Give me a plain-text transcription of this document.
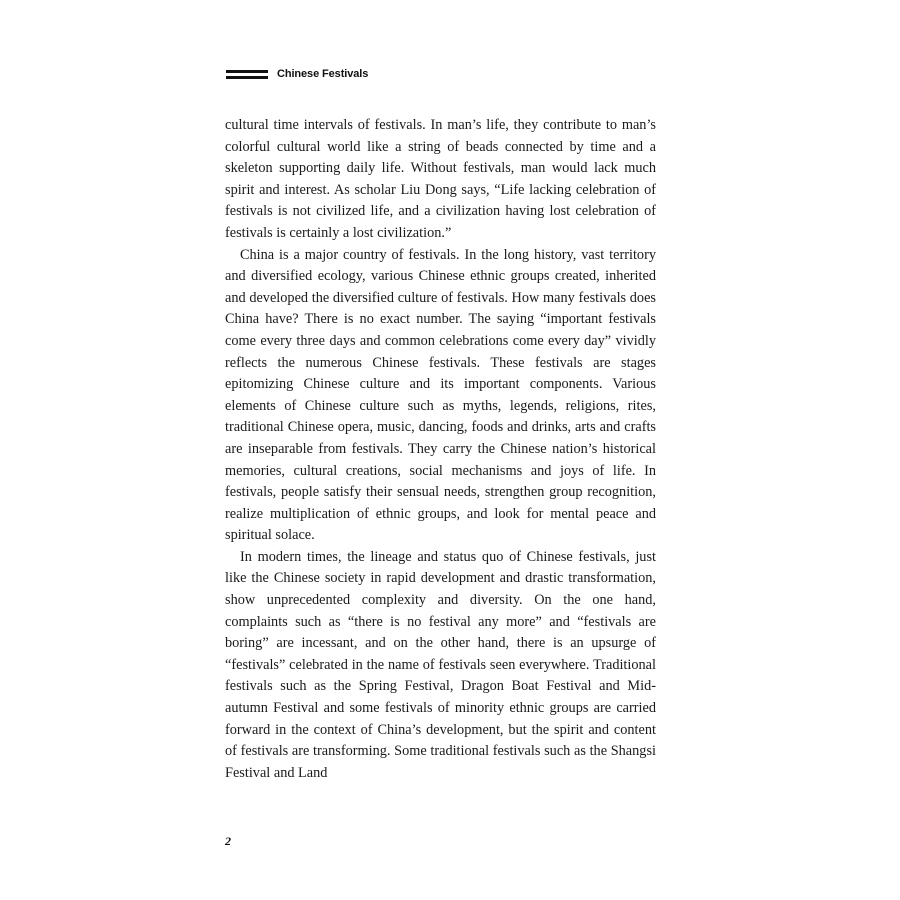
Chinese Festivals

cultural time intervals of festivals. In man’s life, they contribute to man’s colorful cultural world like a string of beads connected by time and a skeleton supporting daily life. Without festivals, man would lack much spirit and interest. As scholar Liu Dong says, “Life lacking celebration of festivals is not civilized life, and a civilization having lost celebration of festivals is certainly a lost civilization.”

China is a major country of festivals. In the long history, vast territory and diversified ecology, various Chinese ethnic groups created, inherited and developed the diversified culture of festivals. How many festivals does China have? There is no exact number. The saying “important festivals come every three days and common celebrations come every day” vividly reflects the numerous Chinese festivals. These festivals are stages epitomizing Chinese culture and its important components. Various elements of Chinese culture such as myths, legends, religions, rites, traditional Chinese opera, music, dancing, foods and drinks, arts and crafts are inseparable from festivals. They carry the Chinese nation’s historical memories, cultural creations, social mechanisms and joys of life. In festivals, people satisfy their sensual needs, strengthen group recognition, realize multiplication of ethnic groups, and look for mental peace and spiritual solace.

In modern times, the lineage and status quo of Chinese festivals, just like the Chinese society in rapid development and drastic transformation, show unprecedented complexity and diversity. On the one hand, complaints such as “there is no festival any more” and “festivals are boring” are incessant, and on the other hand, there is an upsurge of “festivals” celebrated in the name of festivals seen everywhere. Traditional festivals such as the Spring Festival, Dragon Boat Festival and Mid-autumn Festival and some festivals of minority ethnic groups are carried forward in the context of China’s development, but the spirit and content of festivals are transforming. Some traditional festivals such as the Shangsi Festival and Land

2
